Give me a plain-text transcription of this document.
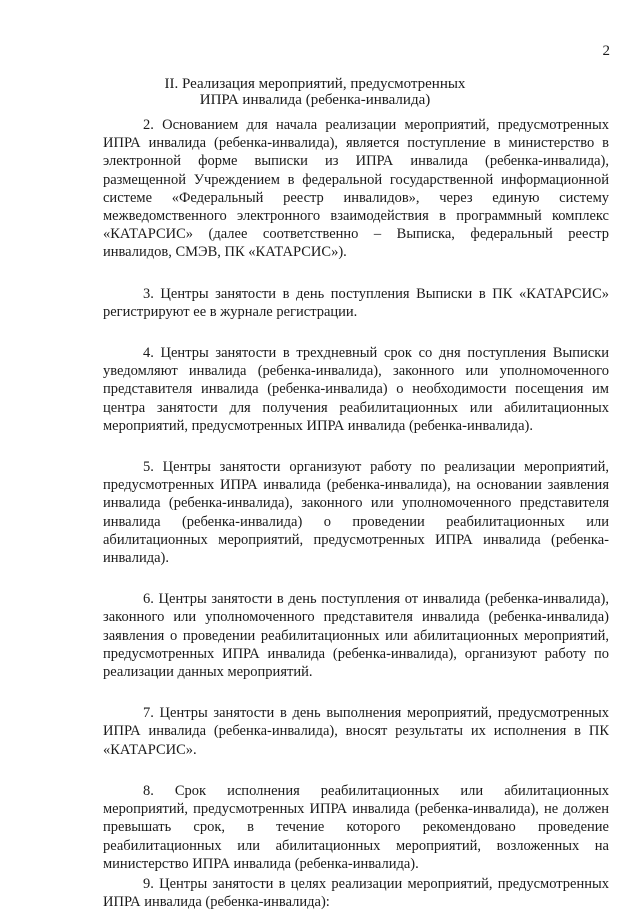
2
II. Реализация мероприятий, предусмотренных
ИПРА инвалида (ребенка-инвалида)

2. Основанием для начала реализации мероприятий, предусмотренных ИПРА инвалида (ребенка-инвалида), является поступление в министерство в электронной форме выписки из ИПРА инвалида (ребенка-инвалида), размещенной Учреждением в федеральной государственной информационной системе «Федеральный реестр инвалидов», через единую систему межведомственного электронного взаимодействия в программный комплекс «КАТАРСИС» (далее соответственно – Выписка, федеральный реестр инвалидов, СМЭВ, ПК «КАТАРСИС»).

3. Центры занятости в день поступления Выписки в ПК «КАТАРСИС» регистрируют ее в журнале регистрации.

4. Центры занятости в трехдневный срок со дня поступления Выписки уведомляют инвалида (ребенка-инвалида), законного или уполномоченного представителя инвалида (ребенка-инвалида) о необходимости посещения им центра занятости для получения реабилитационных или абилитационных мероприятий, предусмотренных ИПРА инвалида (ребенка-инвалида).

5. Центры занятости организуют работу по реализации мероприятий, предусмотренных ИПРА инвалида (ребенка-инвалида), на основании заявления инвалида (ребенка-инвалида), законного или уполномоченного представителя инвалида (ребенка-инвалида) о проведении реабилитационных или абилитационных мероприятий, предусмотренных ИПРА инвалида (ребенка-инвалида).

6. Центры занятости в день поступления от инвалида (ребенка-инвалида), законного или уполномоченного представителя инвалида (ребенка-инвалида) заявления о проведении реабилитационных или абилитационных мероприятий, предусмотренных ИПРА инвалида (ребенка-инвалида), организуют работу по реализации данных мероприятий.

7. Центры занятости в день выполнения мероприятий, предусмотренных ИПРА инвалида (ребенка-инвалида), вносят результаты их исполнения в ПК «КАТАРСИС».

8. Срок исполнения реабилитационных или абилитационных мероприятий, предусмотренных ИПРА инвалида (ребенка-инвалида), не должен превышать срок, в течение которого рекомендовано проведение реабилитационных или абилитационных мероприятий, возложенных на министерство ИПРА инвалида (ребенка-инвалида).

9. Центры занятости в целях реализации мероприятий, предусмотренных ИПРА инвалида (ребенка-инвалида):
